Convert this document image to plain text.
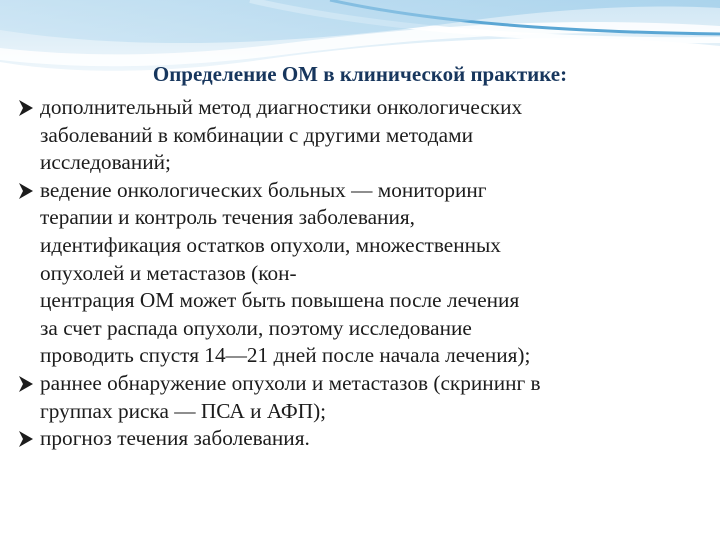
Определение ОМ в клинической практике:
дополнительный метод диагностики онкологических
заболеваний в комбинации с другими методами
исследований;
ведение онкологических больных — мониторинг
терапии и контроль течения заболевания,
идентификация остатков опухоли, множественных
опухолей и метастазов (кон-
центрация ОМ может быть повышена после лечения
за счет распада опухоли, поэтому исследование
проводить спустя 14—21 дней после начала лечения);
раннее обнаружение опухоли и метастазов (скрининг в
группах риска — ПСА и АФП);
прогноз течения заболевания.
